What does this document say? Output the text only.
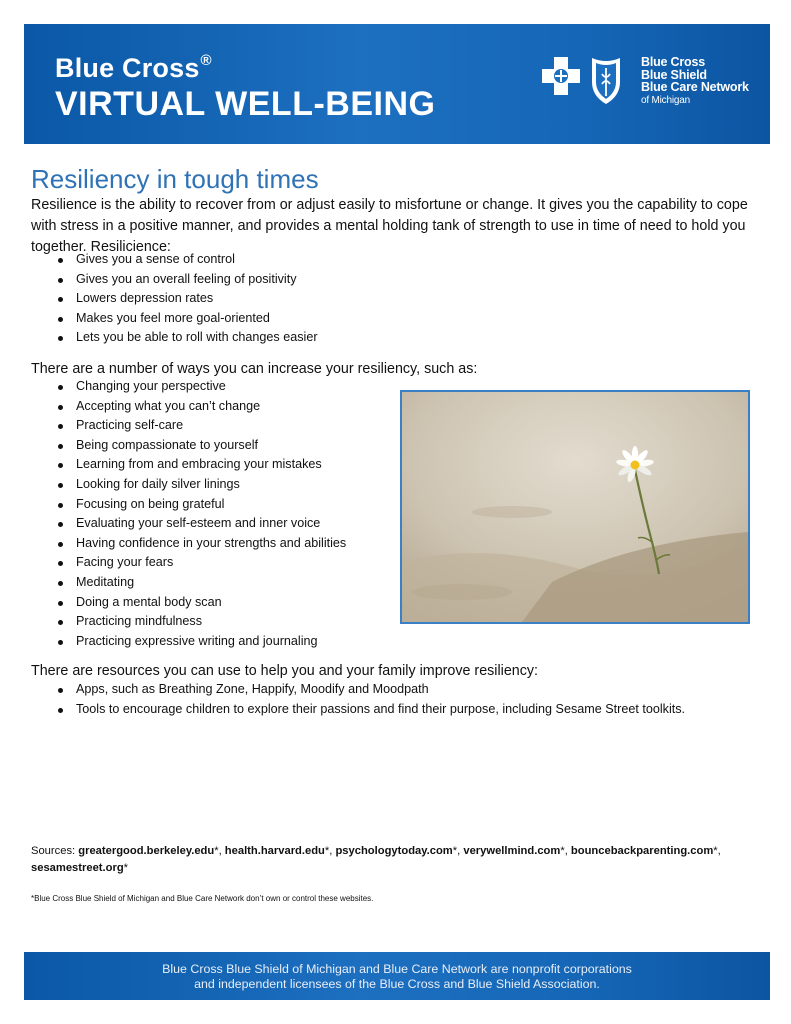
Blue Cross®
VIRTUAL WELL-BEING
Blue Cross
Blue Shield
Blue Care Network
of Michigan
Resiliency in tough times

Resilience is the ability to recover from or adjust easily to misfortune or change. It gives you the capability to cope with stress in a positive manner, and provides a mental holding tank of strength to use in time of need to hold you together. Resilicience:

Gives you a sense of control
Gives you an overall feeling of positivity
Lowers depression rates
Makes you feel more goal-oriented
Lets you be able to roll with changes easier

There are a number of ways you can increase your resiliency, such as:

Changing your perspective
Accepting what you can’t change
Practicing self-care
Being compassionate to yourself
Learning from and embracing your mistakes
Looking for daily silver linings
Focusing on being grateful
Evaluating your self-esteem and inner voice
Having confidence in your strengths and abilities
Facing your fears
Meditating
Doing a mental body scan
Practicing mindfulness
Practicing expressive writing and journaling

There are resources you can use to help you and your family improve resiliency:

Apps, such as Breathing Zone, Happify, Moodify and Moodpath
Tools to encourage children to explore their passions and find their purpose, including Sesame Street toolkits.

Sources: greatergood.berkeley.edu*, health.harvard.edu*, psychologytoday.com*, verywellmind.com*, bouncebackparenting.com*, sesamestreet.org*

*Blue Cross Blue Shield of Michigan and Blue Care Network don’t own or control these websites.

Blue Cross Blue Shield of Michigan and Blue Care Network are nonprofit corporations

and independent licensees of the Blue Cross and Blue Shield Association.
